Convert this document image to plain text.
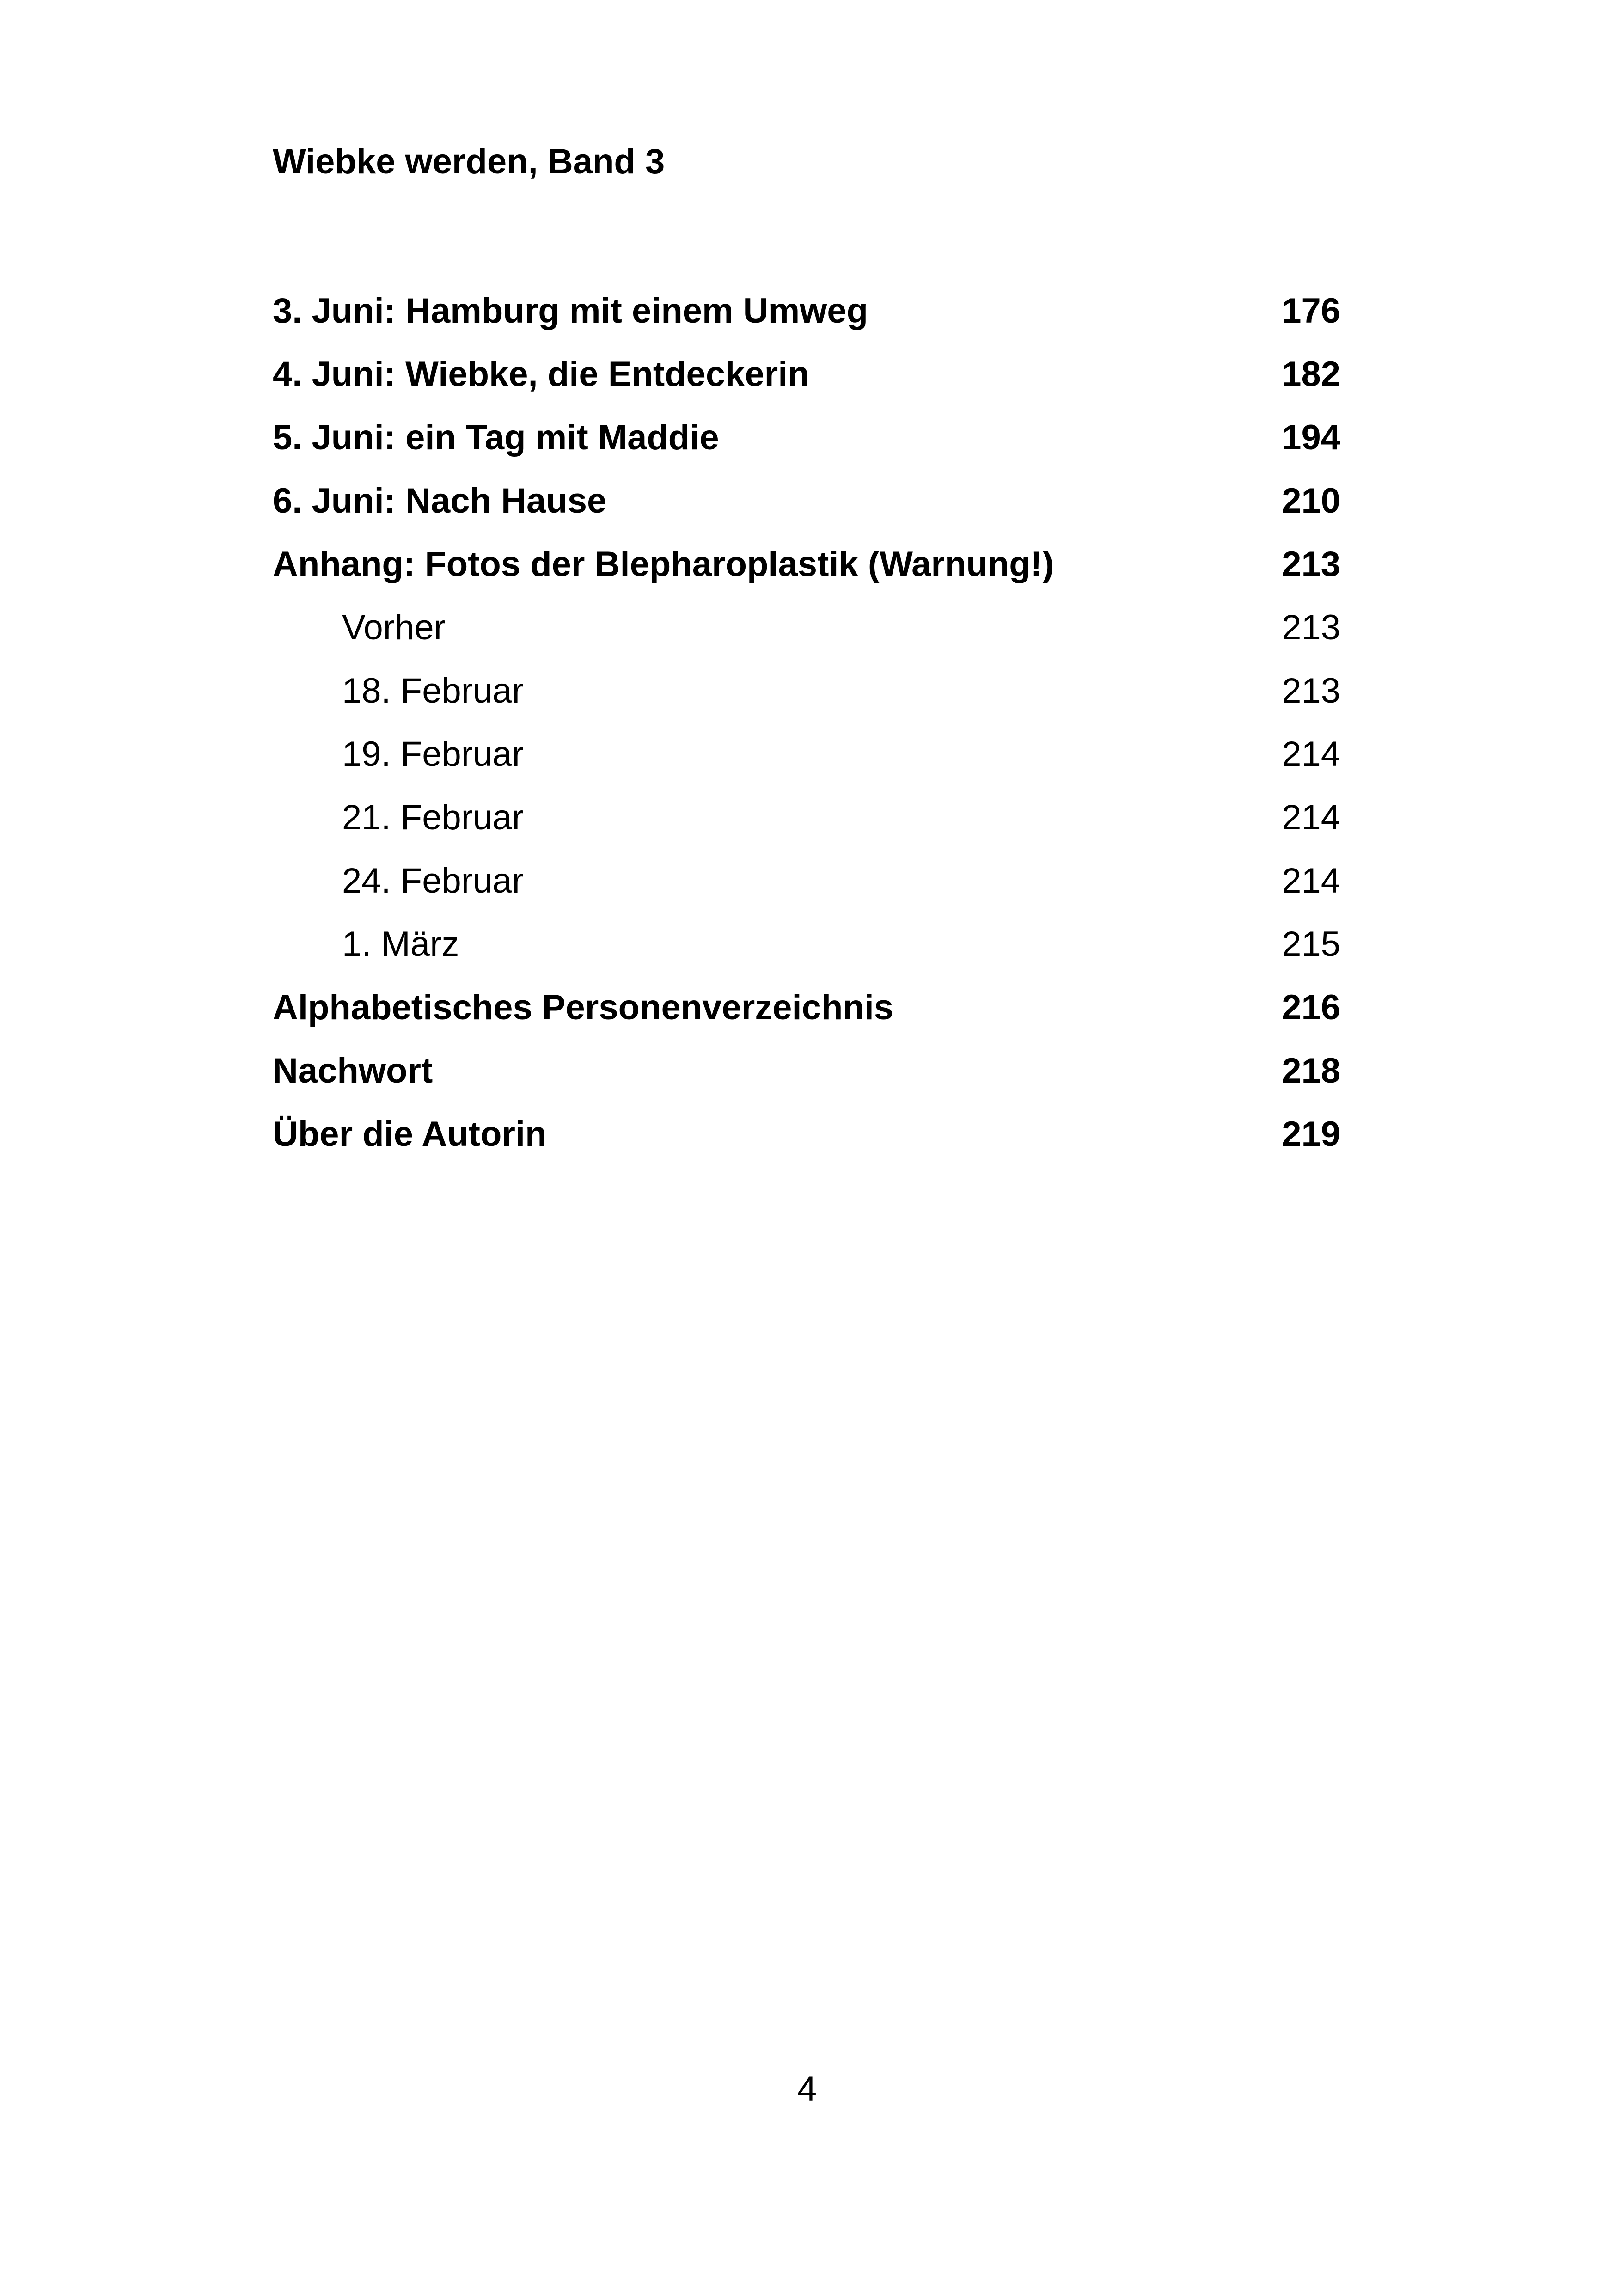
Wiebke werden, Band 3
3. Juni: Hamburg mit einem Umweg	176
4. Juni: Wiebke, die Entdeckerin	182
5. Juni: ein Tag mit Maddie	194
6. Juni: Nach Hause	210
Anhang: Fotos der Blepharoplastik (Warnung!)	213
Vorher	213
18. Februar	213
19. Februar	214
21. Februar	214
24. Februar	214
1. März	215
Alphabetisches Personenverzeichnis	216
Nachwort	218
Über die Autorin	219
4
